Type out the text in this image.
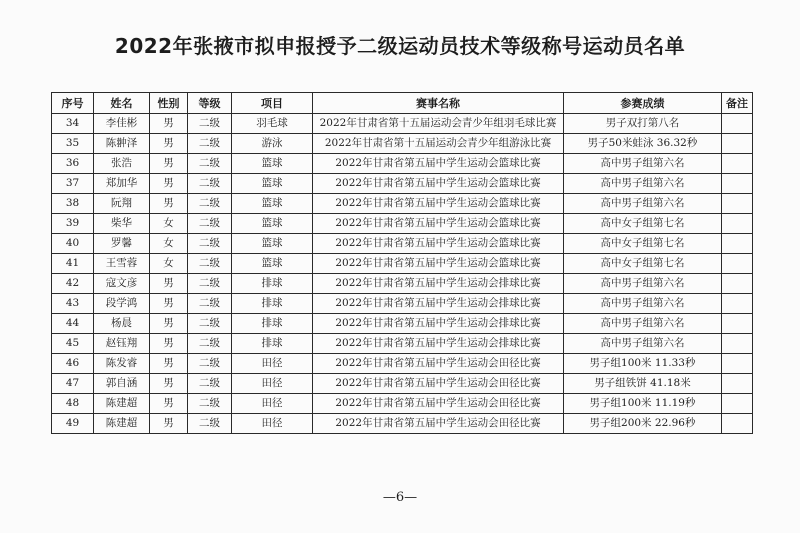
2022年张掖市拟申报授予二级运动员技术等级称号运动员名单
序号	姓名	性别	等级	项目	赛事名称	参赛成绩	备注
34	李佳彬	男	二级	羽毛球	2022年甘肃省第十五届运动会青少年组羽毛球比赛	男子双打第八名	
35	陈翀泽	男	二级	游泳	2022年甘肃省第十五届运动会青少年组游泳比赛	男子50米蛙泳 36.32秒	
36	张浩	男	二级	篮球	2022年甘肃省第五届中学生运动会篮球比赛	高中男子组第六名	
37	郑加华	男	二级	篮球	2022年甘肃省第五届中学生运动会篮球比赛	高中男子组第六名	
38	阮翔	男	二级	篮球	2022年甘肃省第五届中学生运动会篮球比赛	高中男子组第六名	
39	柴华	女	二级	篮球	2022年甘肃省第五届中学生运动会篮球比赛	高中女子组第七名	
40	罗馨	女	二级	篮球	2022年甘肃省第五届中学生运动会篮球比赛	高中女子组第七名	
41	王雪蓉	女	二级	篮球	2022年甘肃省第五届中学生运动会篮球比赛	高中女子组第七名	
42	寇文彦	男	二级	排球	2022年甘肃省第五届中学生运动会排球比赛	高中男子组第六名	
43	段学鸿	男	二级	排球	2022年甘肃省第五届中学生运动会排球比赛	高中男子组第六名	
44	杨晨	男	二级	排球	2022年甘肃省第五届中学生运动会排球比赛	高中男子组第六名	
45	赵钰翔	男	二级	排球	2022年甘肃省第五届中学生运动会排球比赛	高中男子组第六名	
46	陈发睿	男	二级	田径	2022年甘肃省第五届中学生运动会田径比赛	男子组100米 11.33秒	
47	郭自涵	男	二级	田径	2022年甘肃省第五届中学生运动会田径比赛	男子组铁饼 41.18米	
48	陈建超	男	二级	田径	2022年甘肃省第五届中学生运动会田径比赛	男子组100米 11.19秒	
49	陈建超	男	二级	田径	2022年甘肃省第五届中学生运动会田径比赛	男子组200米 22.96秒	
—6—
